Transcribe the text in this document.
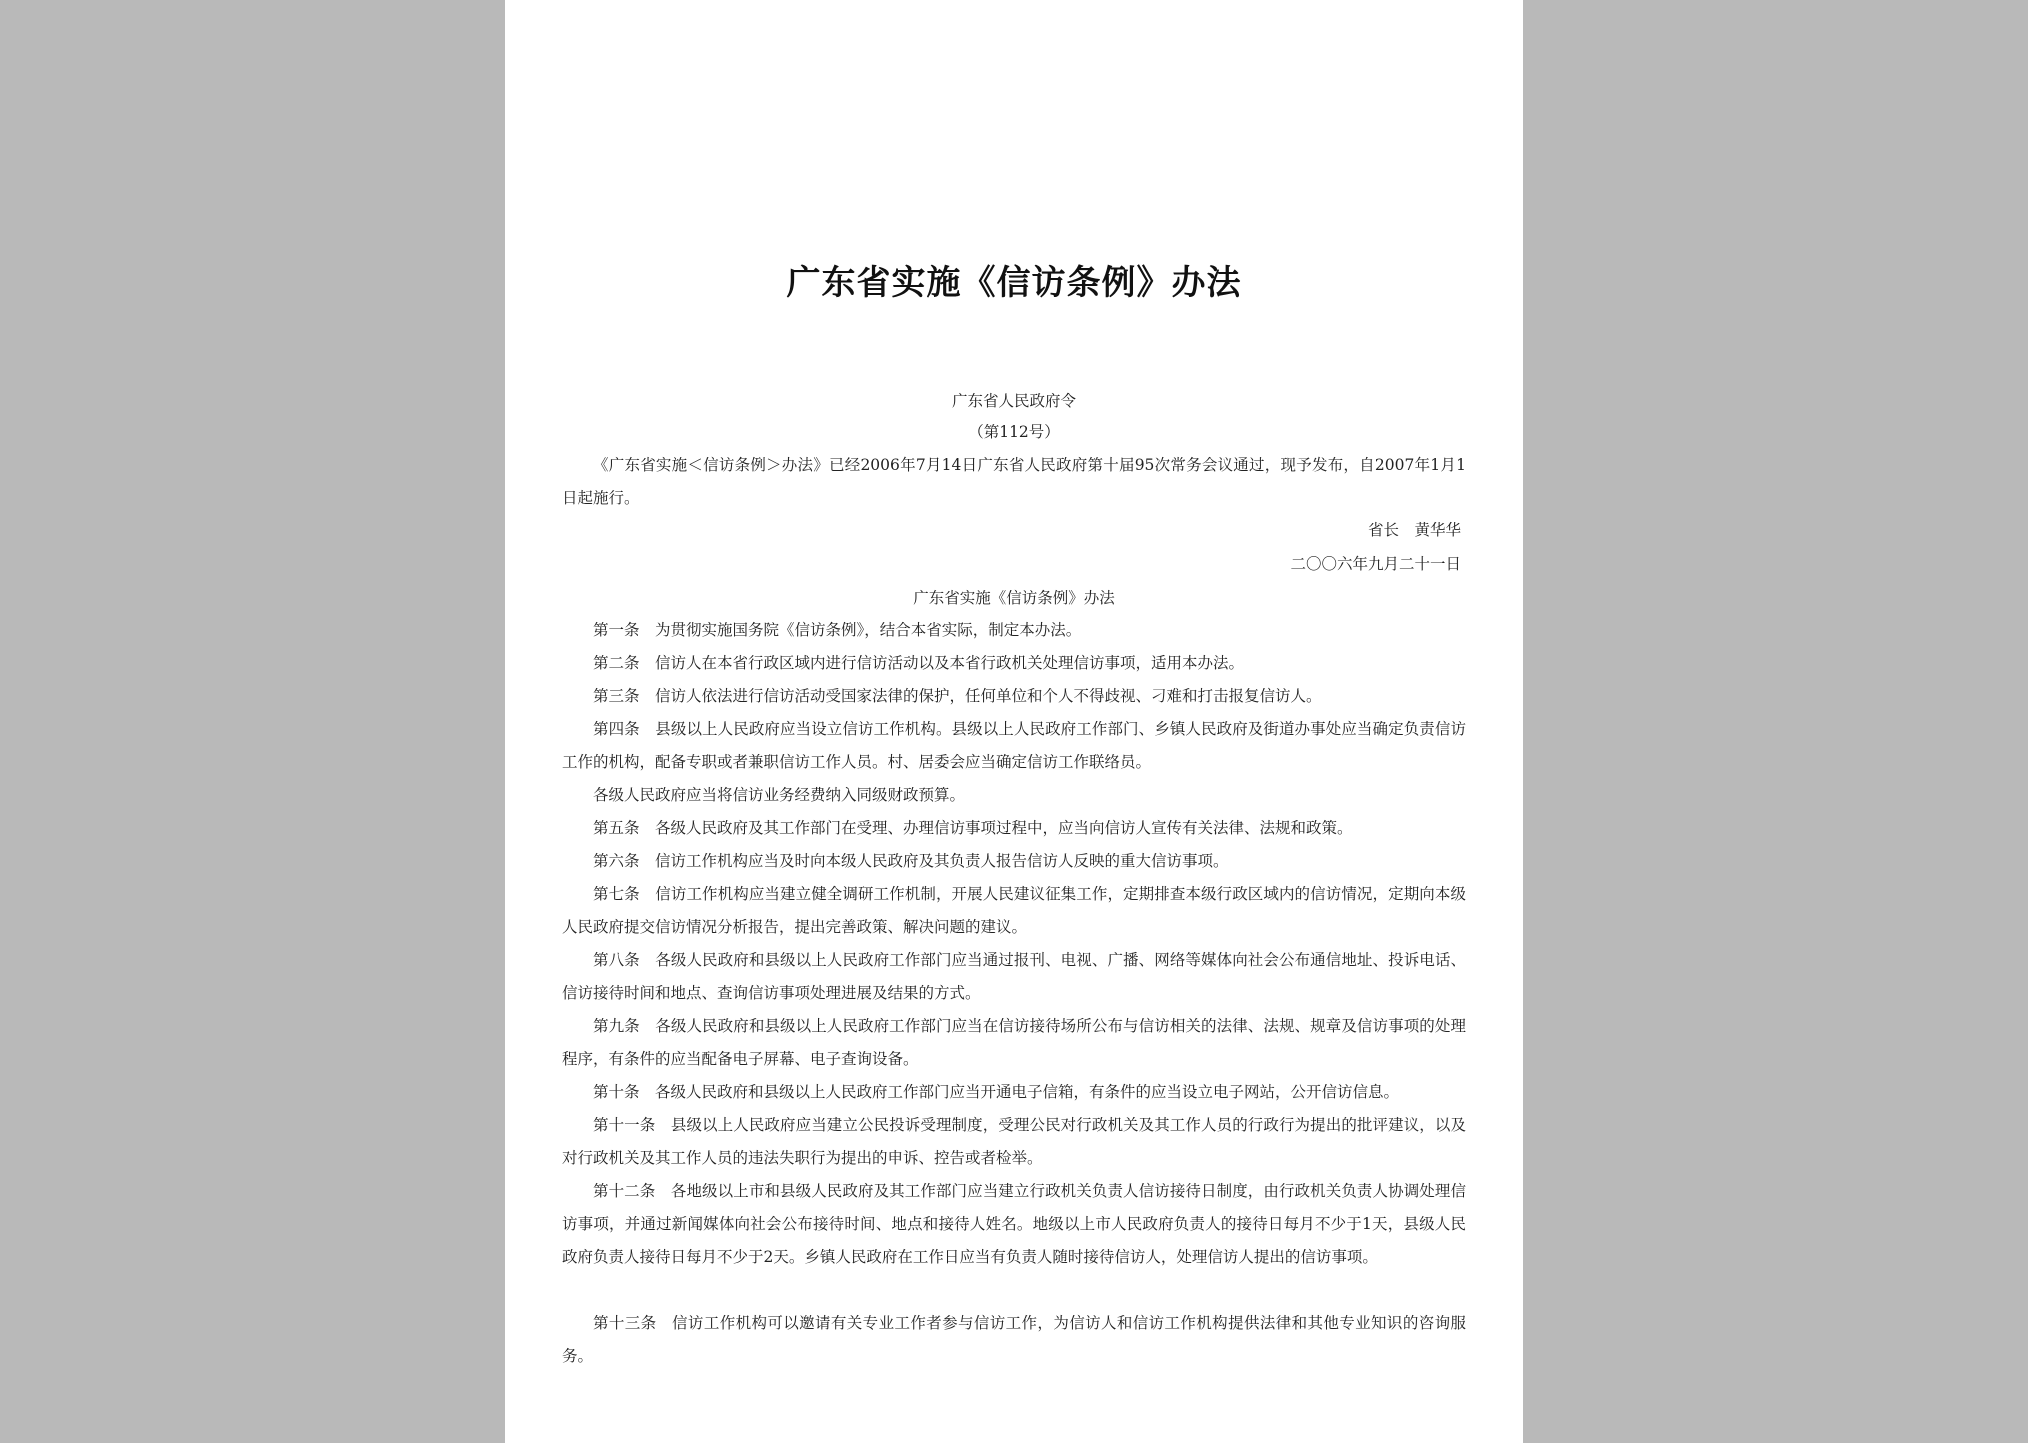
广东省实施《信访条例》办法
广东省人民政府令
（第112号）

《广东省实施＜信访条例＞办法》已经2006年7月14日广东省人民政府第十届95次常务会议通过，现予发布，自2007年1月1日起施行。

省长　黄华华
二〇〇六年九月二十一日
广东省实施《信访条例》办法

第一条 为贯彻实施国务院《信访条例》，结合本省实际，制定本办法。

第二条 信访人在本省行政区域内进行信访活动以及本省行政机关处理信访事项，适用本办法。

第三条 信访人依法进行信访活动受国家法律的保护，任何单位和个人不得歧视、刁难和打击报复信访人。

第四条 县级以上人民政府应当设立信访工作机构。县级以上人民政府工作部门、乡镇人民政府及街道办事处应当确定负责信访工作的机构，配备专职或者兼职信访工作人员。村、居委会应当确定信访工作联络员。

各级人民政府应当将信访业务经费纳入同级财政预算。

第五条 各级人民政府及其工作部门在受理、办理信访事项过程中，应当向信访人宣传有关法律、法规和政策。

第六条 信访工作机构应当及时向本级人民政府及其负责人报告信访人反映的重大信访事项。

第七条 信访工作机构应当建立健全调研工作机制，开展人民建议征集工作，定期排查本级行政区域内的信访情况，定期向本级人民政府提交信访情况分析报告，提出完善政策、解决问题的建议。

第八条 各级人民政府和县级以上人民政府工作部门应当通过报刊、电视、广播、网络等媒体向社会公布通信地址、投诉电话、信访接待时间和地点、查询信访事项处理进展及结果的方式。

第九条 各级人民政府和县级以上人民政府工作部门应当在信访接待场所公布与信访相关的法律、法规、规章及信访事项的处理程序，有条件的应当配备电子屏幕、电子查询设备。

第十条 各级人民政府和县级以上人民政府工作部门应当开通电子信箱，有条件的应当设立电子网站，公开信访信息。

第十一条 县级以上人民政府应当建立公民投诉受理制度，受理公民对行政机关及其工作人员的行政行为提出的批评建议，以及对行政机关及其工作人员的违法失职行为提出的申诉、控告或者检举。

第十二条 各地级以上市和县级人民政府及其工作部门应当建立行政机关负责人信访接待日制度，由行政机关负责人协调处理信访事项，并通过新闻媒体向社会公布接待时间、地点和接待人姓名。地级以上市人民政府负责人的接待日每月不少于1天，县级人民政府负责人接待日每月不少于2天。乡镇人民政府在工作日应当有负责人随时接待信访人，处理信访人提出的信访事项。

第十三条 信访工作机构可以邀请有关专业工作者参与信访工作，为信访人和信访工作机构提供法律和其他专业知识的咨询服务。
